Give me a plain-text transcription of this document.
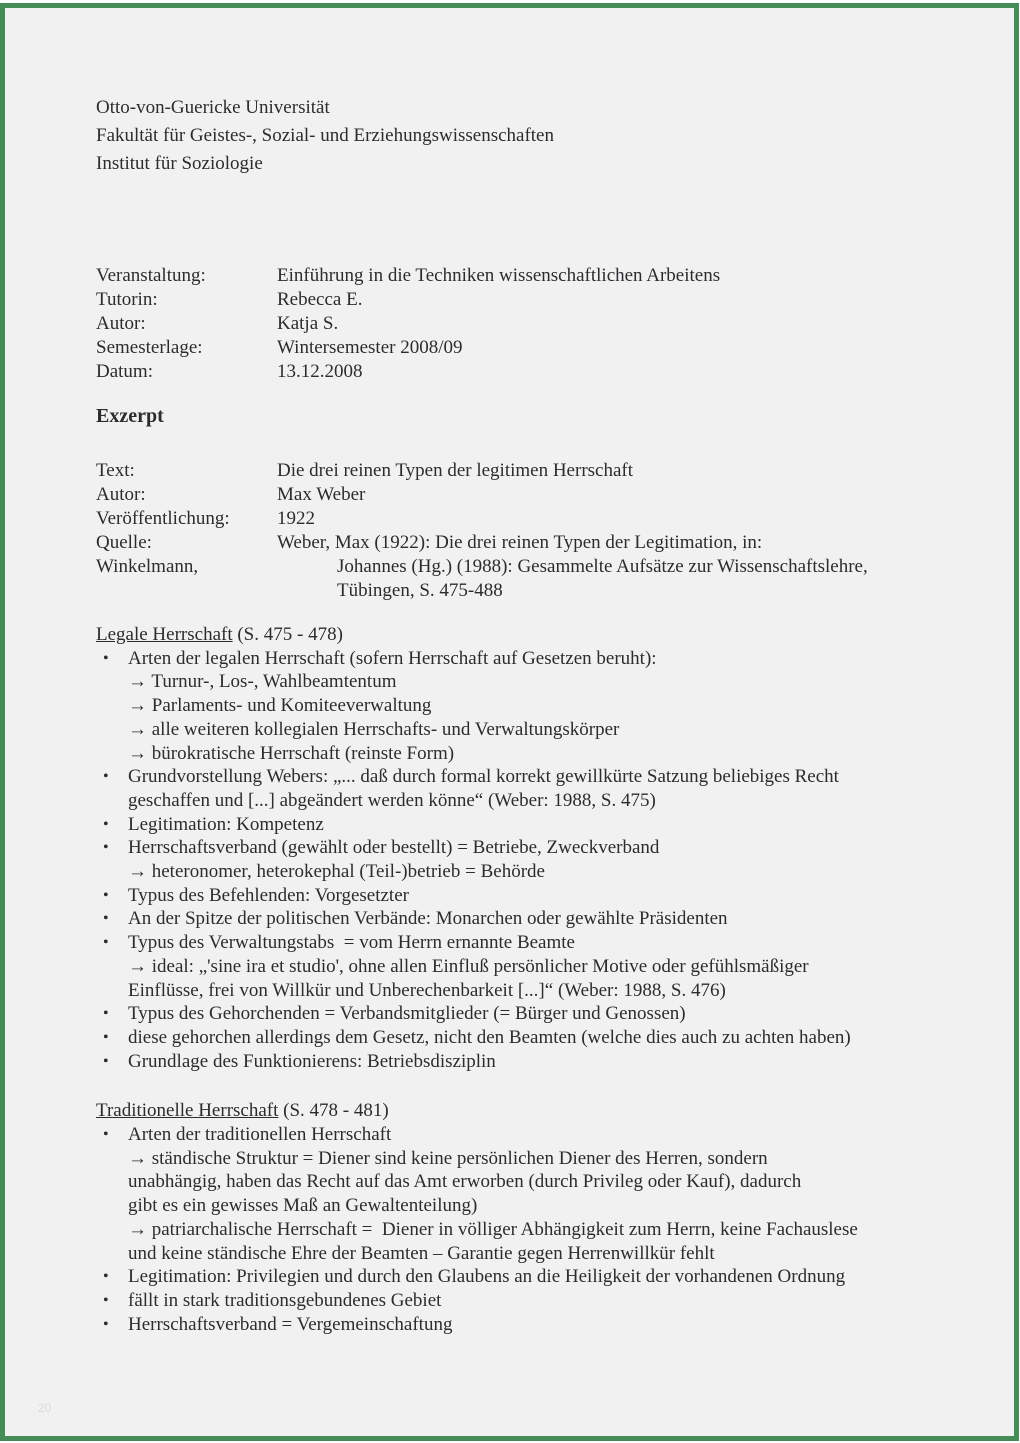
Otto-von-Guericke Universität
Fakultät für Geistes-, Sozial- und Erziehungswissenschaften
Institut für Soziologie
Veranstaltung:	Einführung in die Techniken wissenschaftlichen Arbeitens
Tutorin:	Rebecca E.
Autor:	Katja S.
Semesterlage:	Wintersemester 2008/09
Datum:	13.12.2008
Exzerpt
Text:	Die drei reinen Typen der legitimen Herrschaft
Autor:	Max Weber
Veröffentlichung:	1922
Quelle:	Weber, Max (1922): Die drei reinen Typen der Legitimation, in:
Winkelmann,	Johannes (Hg.) (1988): Gesammelte Aufsätze zur Wissenschaftslehre,

Tübingen, S. 475-488
Legale Herrschaft (S. 475 - 478)
•	Arten der legalen Herrschaft (sofern Herrschaft auf Gesetzen beruht):
→ Turnur-, Los-, Wahlbeamtentum
→ Parlaments- und Komiteeverwaltung
→ alle weiteren kollegialen Herrschafts- und Verwaltungskörper
→ bürokratische Herrschaft (reinste Form)
•	Grundvorstellung Webers: „... daß durch formal korrekt gewillkürte Satzung beliebiges Recht
geschaffen und [...] abgeändert werden könne“ (Weber: 1988, S. 475)
•	Legitimation: Kompetenz
•	Herrschaftsverband (gewählt oder bestellt) = Betriebe, Zweckverband
→ heteronomer, heterokephal (Teil-)betrieb = Behörde
•	Typus des Befehlenden: Vorgesetzter
•	An der Spitze der politischen Verbände: Monarchen oder gewählte Präsidenten
•	Typus des Verwaltungstabs  = vom Herrn ernannte Beamte
→ ideal: „'sine ira et studio', ohne allen Einfluß persönlicher Motive oder gefühlsmäßiger
Einflüsse, frei von Willkür und Unberechenbarkeit [...]“ (Weber: 1988, S. 476)
•	Typus des Gehorchenden = Verbandsmitglieder (= Bürger und Genossen)
•	diese gehorchen allerdings dem Gesetz, nicht den Beamten (welche dies auch zu achten haben)
•	Grundlage des Funktionierens: Betriebsdisziplin
Traditionelle Herrschaft (S. 478 - 481)
•	Arten der traditionellen Herrschaft
→ ständische Struktur = Diener sind keine persönlichen Diener des Herren, sondern
unabhängig, haben das Recht auf das Amt erworben (durch Privileg oder Kauf), dadurch
gibt es ein gewisses Maß an Gewaltenteilung)
→ patriarchalische Herrschaft =  Diener in völliger Abhängigkeit zum Herrn, keine Fachauslese
und keine ständische Ehre der Beamten – Garantie gegen Herrenwillkür fehlt
•	Legitimation: Privilegien und durch den Glaubens an die Heiligkeit der vorhandenen Ordnung
•	fällt in stark traditionsgebundenes Gebiet
•	Herrschaftsverband = Vergemeinschaftung
20
